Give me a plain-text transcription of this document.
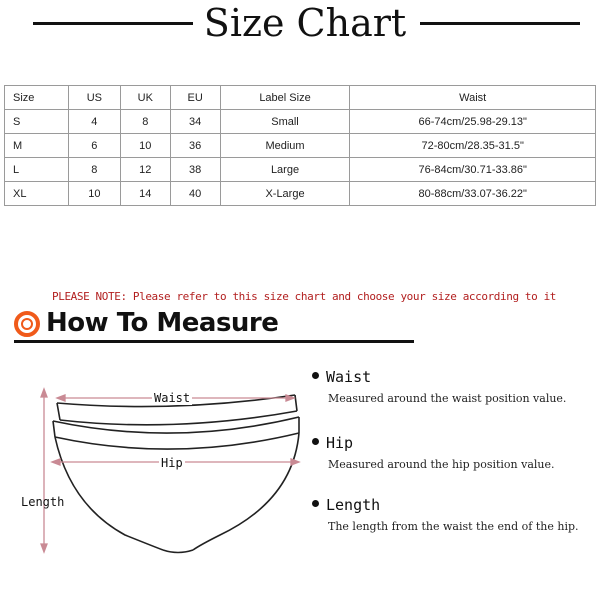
Size Chart
Size	US	UK	EU	Label Size	Waist
S	4	8	34	Small	66-74cm/25.98-29.13"
M	6	10	36	Medium	72-80cm/28.35-31.5"
L	8	12	38	Large	76-84cm/30.71-33.86"
XL	10	14	40	X-Large	80-88cm/33.07-36.22"
PLEASE NOTE: Please refer to this size chart and choose your size according to it
How To Measure
Waist
Hip
Length
Waist
Measured around the waist position value.
Hip
Measured around the hip position value.
Length
The length from the waist the end of the hip.
